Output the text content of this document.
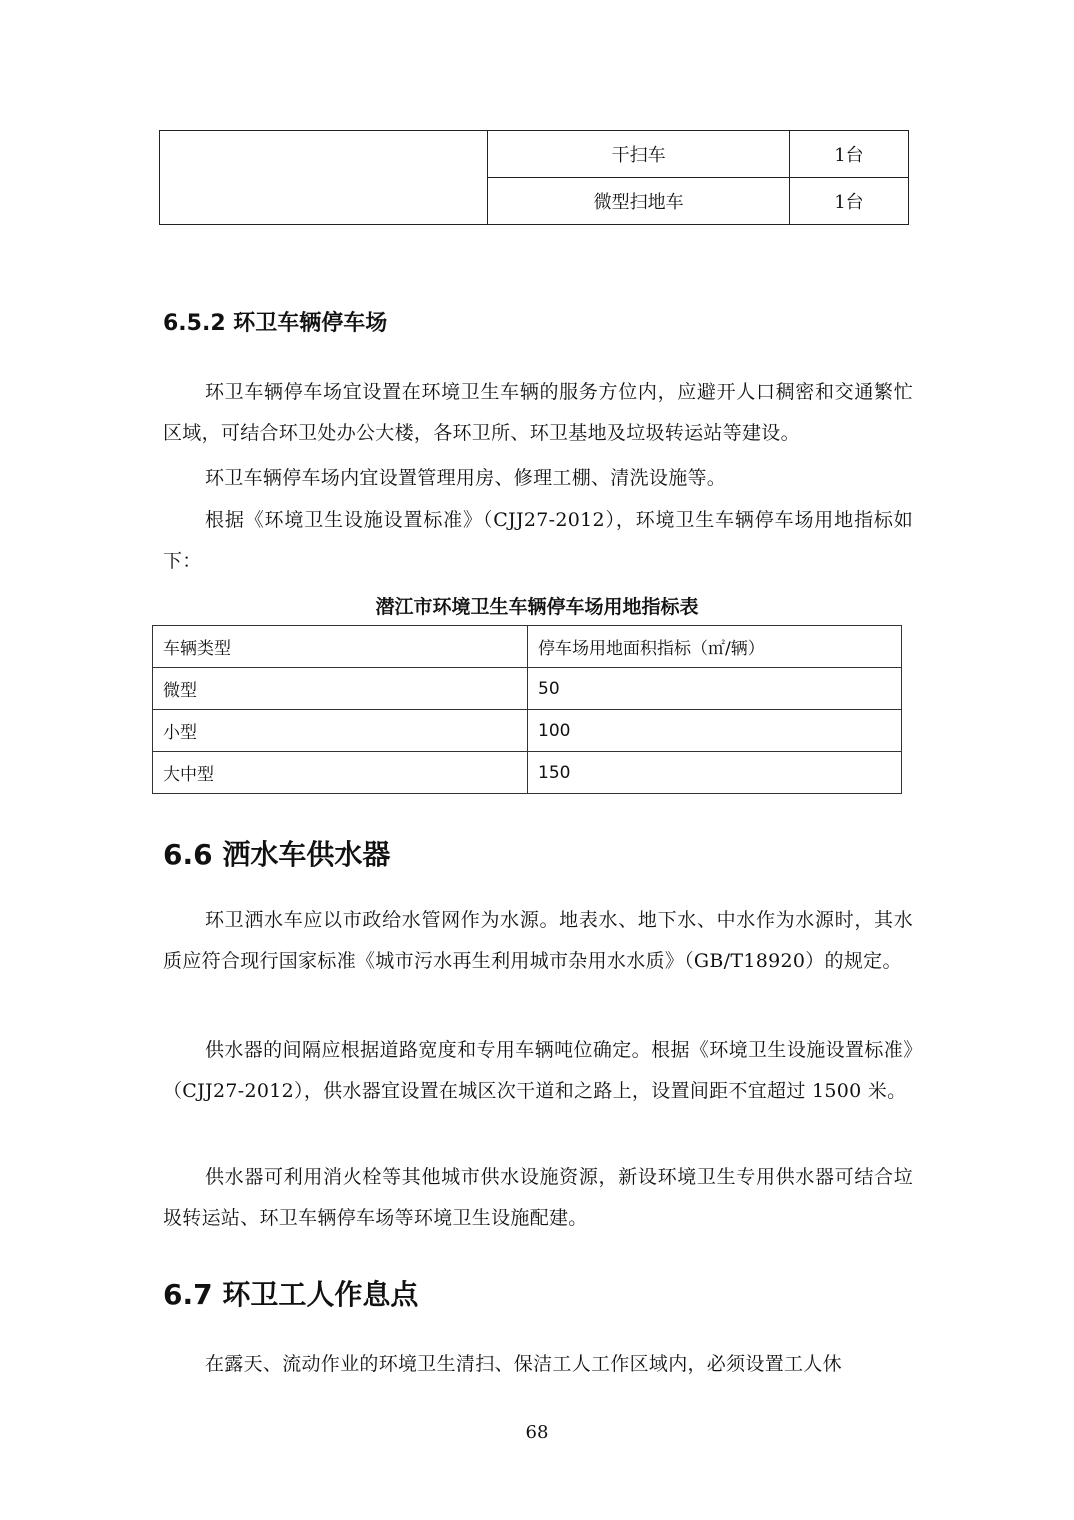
	干扫车	1台
	微型扫地车	1台
6.5.2 环卫车辆停车场

环卫车辆停车场宜设置在环境卫生车辆的服务方位内，应避开人口稠密和交通繁忙区域，可结合环卫处办公大楼，各环卫所、环卫基地及垃圾转运站等建设。

环卫车辆停车场内宜设置管理用房、修理工棚、清洗设施等。

根据《环境卫生设施设置标准》（CJJ27-2012），环境卫生车辆停车场用地指标如下：

潜江市环境卫生车辆停车场用地指标表
车辆类型	停车场用地面积指标（㎡/辆）
微型	50
小型	100
大中型	150
6.6 洒水车供水器

环卫洒水车应以市政给水管网作为水源。地表水、地下水、中水作为水源时，其水质应符合现行国家标准《城市污水再生利用城市杂用水水质》（GB/T18920）的规定。

供水器的间隔应根据道路宽度和专用车辆吨位确定。根据《环境卫生设施设置标准》（CJJ27-2012），供水器宜设置在城区次干道和之路上，设置间距不宜超过 1500 米。

供水器可利用消火栓等其他城市供水设施资源，新设环境卫生专用供水器可结合垃圾转运站、环卫车辆停车场等环境卫生设施配建。

6.7 环卫工人作息点

在露天、流动作业的环境卫生清扫、保洁工人工作区域内，必须设置工人休

68
